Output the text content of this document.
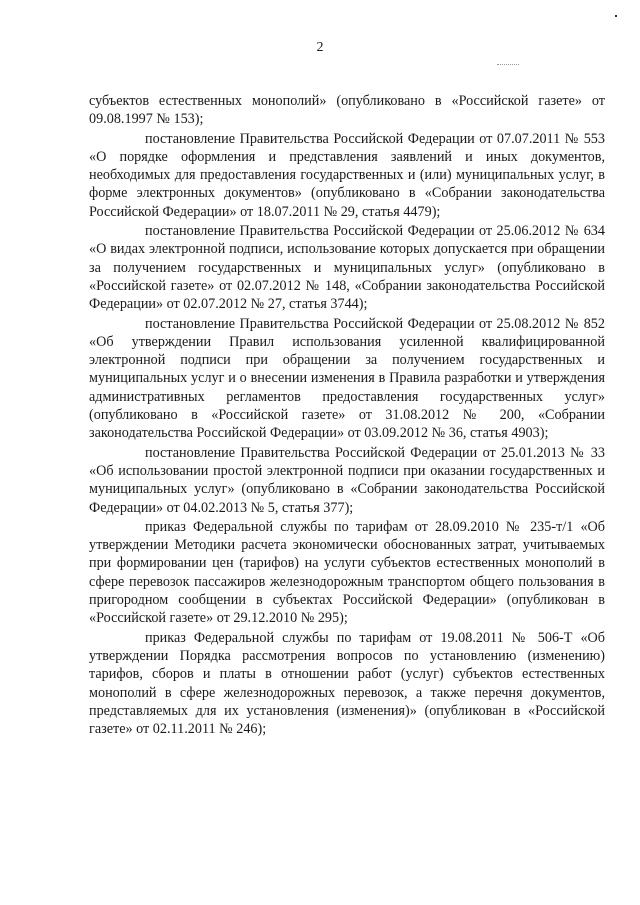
2

субъектов естественных монополий» (опубликовано в «Российской газете» от 09.08.1997 № 153);

постановление Правительства Российской Федерации от 07.07.2011 № 553 «О порядке оформления и представления заявлений и иных документов, необходимых для предоставления государственных и (или) муниципальных услуг, в форме электронных документов» (опубликовано в «Собрании законодательства Российской Федерации» от 18.07.2011 № 29, статья 4479);

постановление Правительства Российской Федерации от 25.06.2012 № 634 «О видах электронной подписи, использование которых допускается при обращении за получением государственных и муниципальных услуг» (опубликовано в «Российской газете» от 02.07.2012 № 148, «Собрании законодательства Российской Федерации» от 02.07.2012 № 27, статья 3744);

постановление Правительства Российской Федерации от 25.08.2012 № 852 «Об утверждении Правил использования усиленной квалифицированной электронной подписи при обращении за получением государственных и муниципальных услуг и о внесении изменения в Правила разработки и утверждения административных регламентов предоставления государственных услуг» (опубликовано в «Российской газете» от 31.08.2012 № 200, «Собрании законодательства Российской Федерации» от 03.09.2012 № 36, статья 4903);

постановление Правительства Российской Федерации от 25.01.2013 № 33 «Об использовании простой электронной подписи при оказании государственных и муниципальных услуг» (опубликовано в «Собрании законодательства Российской Федерации» от 04.02.2013 № 5, статья 377);

приказ Федеральной службы по тарифам от 28.09.2010 № 235-т/1 «Об утверждении Методики расчета экономически обоснованных затрат, учитываемых при формировании цен (тарифов) на услуги субъектов естественных монополий в сфере перевозок пассажиров железнодорожным транспортом общего пользования в пригородном сообщении в субъектах Российской Федерации» (опубликован в «Российской газете» от 29.12.2010 № 295);

приказ Федеральной службы по тарифам от 19.08.2011 № 506-Т «Об утверждении Порядка рассмотрения вопросов по установлению (изменению) тарифов, сборов и платы в отношении работ (услуг) субъектов естественных монополий в сфере железнодорожных перевозок, а также перечня документов, представляемых для их установления (изменения)» (опубликован в «Российской газете» от 02.11.2011 № 246);
